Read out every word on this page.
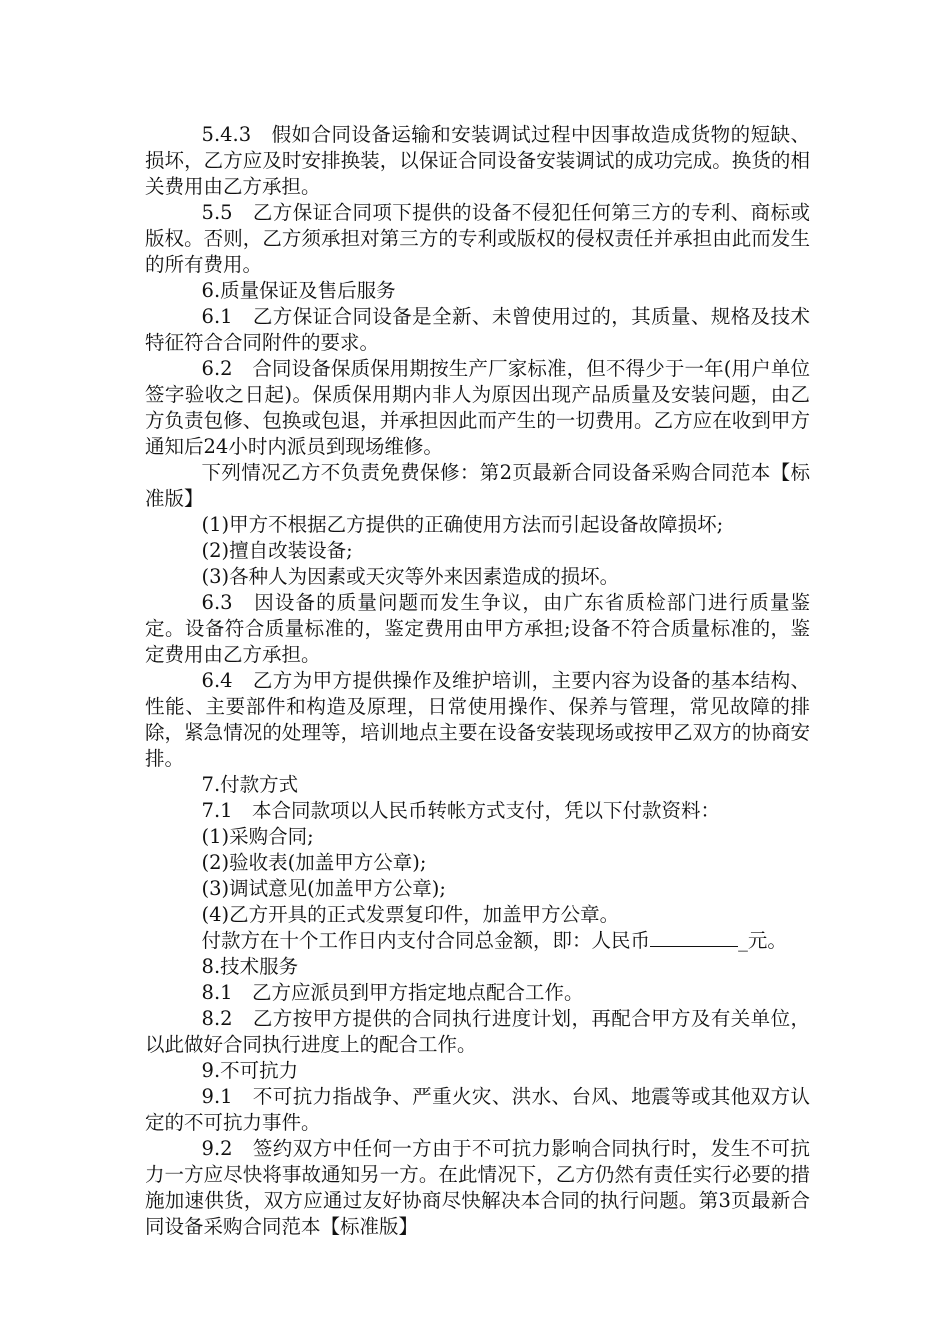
5.4.3　假如合同设备运输和安装调试过程中因事故造成货物的短缺、损坏，乙方应及时安排换装，以保证合同设备安装调试的成功完成。换货的相关费用由乙方承担。

5.5　乙方保证合同项下提供的设备不侵犯任何第三方的专利、商标或版权。否则，乙方须承担对第三方的专利或版权的侵权责任并承担由此而发生的所有费用。

6.质量保证及售后服务

6.1　乙方保证合同设备是全新、未曾使用过的，其质量、规格及技术特征符合合同附件的要求。

6.2　合同设备保质保用期按生产厂家标准，但不得少于一年(用户单位签字验收之日起)。保质保用期内非人为原因出现产品质量及安装问题，由乙方负责包修、包换或包退，并承担因此而产生的一切费用。乙方应在收到甲方通知后24小时内派员到现场维修。

下列情况乙方不负责免费保修：第2页最新合同设备采购合同范本【标准版】

(1)甲方不根据乙方提供的正确使用方法而引起设备故障损坏;

(2)擅自改装设备;

(3)各种人为因素或天灾等外来因素造成的损坏。

6.3　因设备的质量问题而发生争议，由广东省质检部门进行质量鉴定。设备符合质量标准的，鉴定费用由甲方承担;设备不符合质量标准的，鉴定费用由乙方承担。

6.4　乙方为甲方提供操作及维护培训，主要内容为设备的基本结构、性能、主要部件和构造及原理，日常使用操作、保养与管理，常见故障的排除，紧急情况的处理等，培训地点主要在设备安装现场或按甲乙双方的协商安排。

7.付款方式

7.1　本合同款项以人民币转帐方式支付，凭以下付款资料：

(1)采购合同;

(2)验收表(加盖甲方公章);

(3)调试意见(加盖甲方公章);

(4)乙方开具的正式发票复印件，加盖甲方公章。

付款方在十个工作日内支付合同总金额，即：人民币	_元。

8.技术服务

8.1　乙方应派员到甲方指定地点配合工作。

8.2　乙方按甲方提供的合同执行进度计划，再配合甲方及有关单位，以此做好合同执行进度上的配合工作。

9.不可抗力

9.1　不可抗力指战争、严重火灾、洪水、台风、地震等或其他双方认定的不可抗力事件。

9.2　签约双方中任何一方由于不可抗力影响合同执行时，发生不可抗力一方应尽快将事故通知另一方。在此情况下，乙方仍然有责任实行必要的措施加速供货，双方应通过友好协商尽快解决本合同的执行问题。第3页最新合同设备采购合同范本【标准版】
